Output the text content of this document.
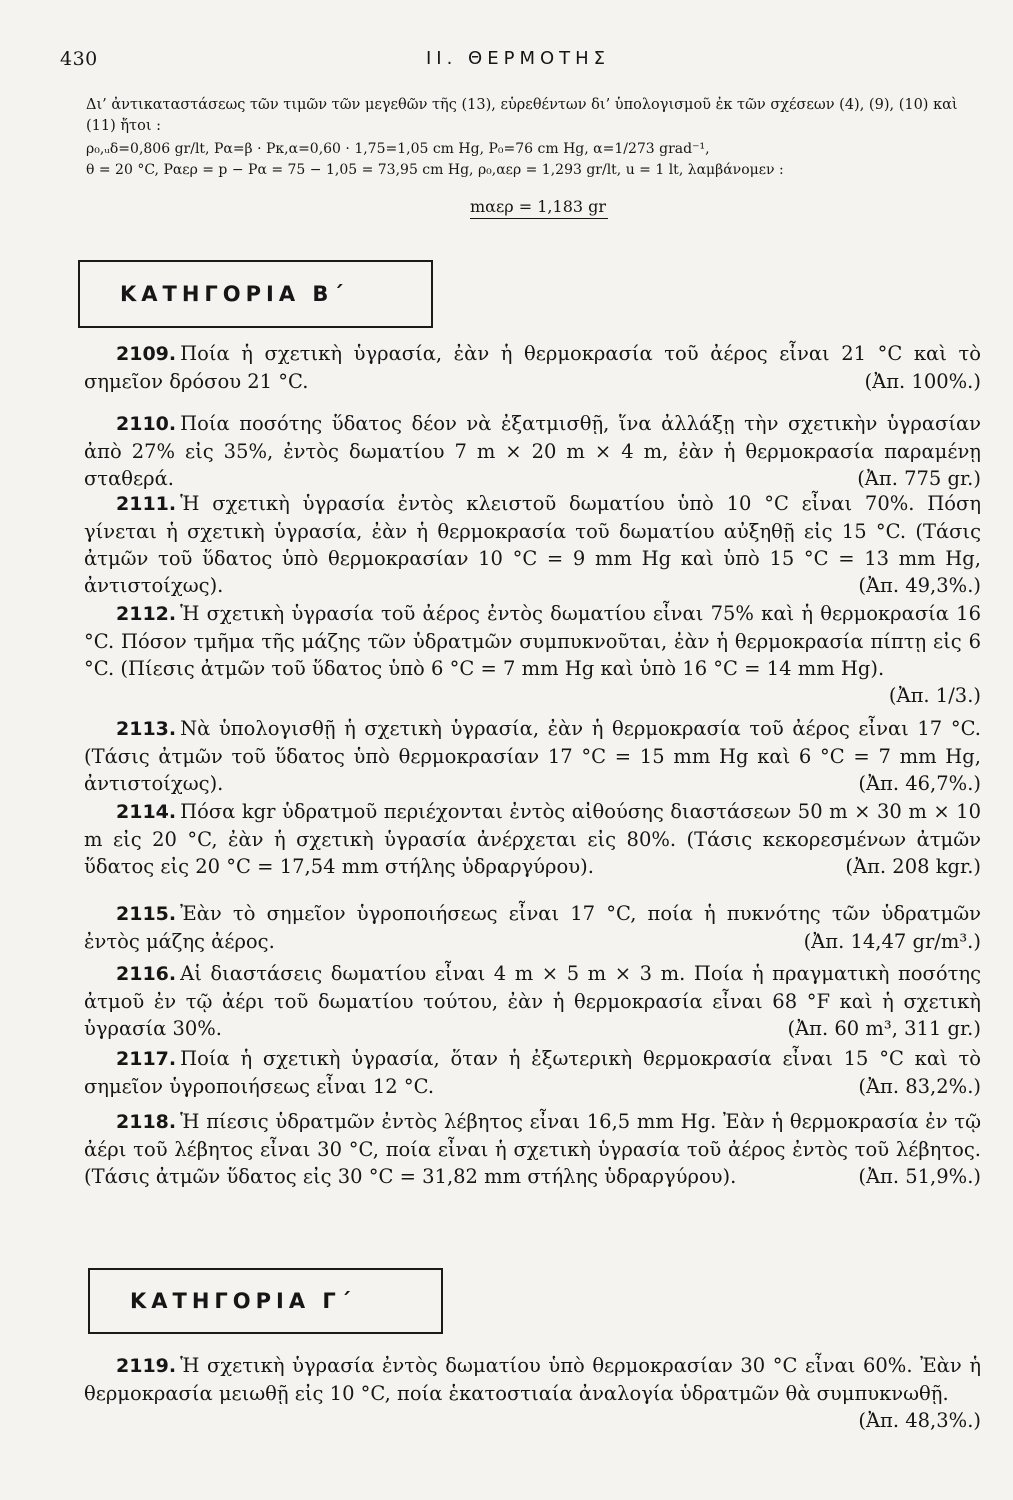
430	II. ΘΕΡΜΟΤΗΣ

Δι’ ἀντικαταστάσεως τῶν τιμῶν τῶν μεγεθῶν τῆς (13), εὑρεθέντων δι’ ὑπολογισμοῦ ἐκ τῶν σχέσεων (4), (9), (10) καὶ (11) ἤτοι :

ρ₀,ᵤδ=0,806 gr/lt, Pα=β · Pκ,α=0,60 · 1,75=1,05 cm Hg, P₀=76 cm Hg, α=1/273 grad⁻¹,
θ = 20 °C, Pαερ = p − Pα = 75 − 1,05 = 73,95 cm Hg, ρ₀,αερ = 1,293 gr/lt, u = 1 lt, λαμβάνομεν :
mαερ = 1,183 gr
ΚΑΤΗΓΟΡΙΑ Β΄

2109. Ποία ἡ σχετικὴ ὑγρασία, ἐὰν ἡ θερμοκρασία τοῦ ἀέρος εἶναι 21 °C καὶ τὸ σημεῖον δρόσου 21 °C.	(Ἀπ. 100%.)

2110. Ποία ποσότης ὕδατος δέον νὰ ἐξατμισθῇ, ἵνα ἀλλάξῃ τὴν σχετικὴν ὑγρασίαν ἀπὸ 27% εἰς 35%, ἐντὸς δωματίου 7 m × 20 m × 4 m, ἐὰν ἡ θερμοκρασία παραμένῃ σταθερά.	(Ἀπ. 775 gr.)

2111. Ἡ σχετικὴ ὑγρασία ἐντὸς κλειστοῦ δωματίου ὑπὸ 10 °C εἶναι 70%. Πόση γίνεται ἡ σχετικὴ ὑγρασία, ἐὰν ἡ θερμοκρασία τοῦ δωματίου αὐξηθῇ εἰς 15 °C. (Τάσις ἀτμῶν τοῦ ὕδατος ὑπὸ θερμοκρασίαν 10 °C = 9 mm Hg καὶ ὑπὸ 15 °C = 13 mm Hg, ἀντιστοίχως).	(Ἀπ. 49,3%.)

2112. Ἡ σχετικὴ ὑγρασία τοῦ ἀέρος ἐντὸς δωματίου εἶναι 75% καὶ ἡ θερμοκρασία 16 °C. Πόσον τμῆμα τῆς μάζης τῶν ὑδρατμῶν συμπυκνοῦται, ἐὰν ἡ θερμοκρασία πίπτῃ εἰς 6 °C. (Πίεσις ἀτμῶν τοῦ ὕδατος ὑπὸ 6 °C = 7 mm Hg καὶ ὑπὸ 16 °C = 14 mm Hg).
(Ἀπ. 1/3.)

2113. Νὰ ὑπολογισθῇ ἡ σχετικὴ ὑγρασία, ἐὰν ἡ θερμοκρασία τοῦ ἀέρος εἶναι 17 °C. (Τάσις ἀτμῶν τοῦ ὕδατος ὑπὸ θερμοκρασίαν 17 °C = 15 mm Hg καὶ 6 °C = 7 mm Hg, ἀντιστοίχως).	(Ἀπ. 46,7%.)

2114. Πόσα kgr ὑδρατμοῦ περιέχονται ἐντὸς αἰθούσης διαστάσεων 50 m × 30 m × 10 m εἰς 20 °C, ἐὰν ἡ σχετικὴ ὑγρασία ἀνέρχεται εἰς 80%. (Τάσις κεκορεσμένων ἀτμῶν ὕδατος εἰς 20 °C = 17,54 mm στήλης ὑδραργύρου).	(Ἀπ. 208 kgr.)

2115. Ἐὰν τὸ σημεῖον ὑγροποιήσεως εἶναι 17 °C, ποία ἡ πυκνότης τῶν ὑδρατμῶν ἐντὸς μάζης ἀέρος.	(Ἀπ. 14,47 gr/m³.)

2116. Αἱ διαστάσεις δωματίου εἶναι 4 m × 5 m × 3 m. Ποία ἡ πραγματικὴ ποσότης ἀτμοῦ ἐν τῷ ἀέρι τοῦ δωματίου τούτου, ἐὰν ἡ θερμοκρασία εἶναι 68 °F καὶ ἡ σχετικὴ ὑγρασία 30%.	(Ἀπ. 60 m³, 311 gr.)

2117. Ποία ἡ σχετικὴ ὑγρασία, ὅταν ἡ ἐξωτερικὴ θερμοκρασία εἶναι 15 °C καὶ τὸ σημεῖον ὑγροποιήσεως εἶναι 12 °C.	(Ἀπ. 83,2%.)

2118. Ἡ πίεσις ὑδρατμῶν ἐντὸς λέβητος εἶναι 16,5 mm Hg. Ἐὰν ἡ θερμοκρασία ἐν τῷ ἀέρι τοῦ λέβητος εἶναι 30 °C, ποία εἶναι ἡ σχετικὴ ὑγρασία τοῦ ἀέρος ἐντὸς τοῦ λέβητος. (Τάσις ἀτμῶν ὕδατος εἰς 30 °C = 31,82 mm στήλης ὑδραργύρου).	(Ἀπ. 51,9%.)

ΚΑΤΗΓΟΡΙΑ Γ΄

2119. Ἡ σχετικὴ ὑγρασία ἐντὸς δωματίου ὑπὸ θερμοκρασίαν 30 °C εἶναι 60%. Ἐὰν ἡ θερμοκρασία μειωθῇ εἰς 10 °C, ποία ἑκατοστιαία ἀναλογία ὑδρατμῶν θὰ συμπυκνωθῇ.
(Ἀπ. 48,3%.)
